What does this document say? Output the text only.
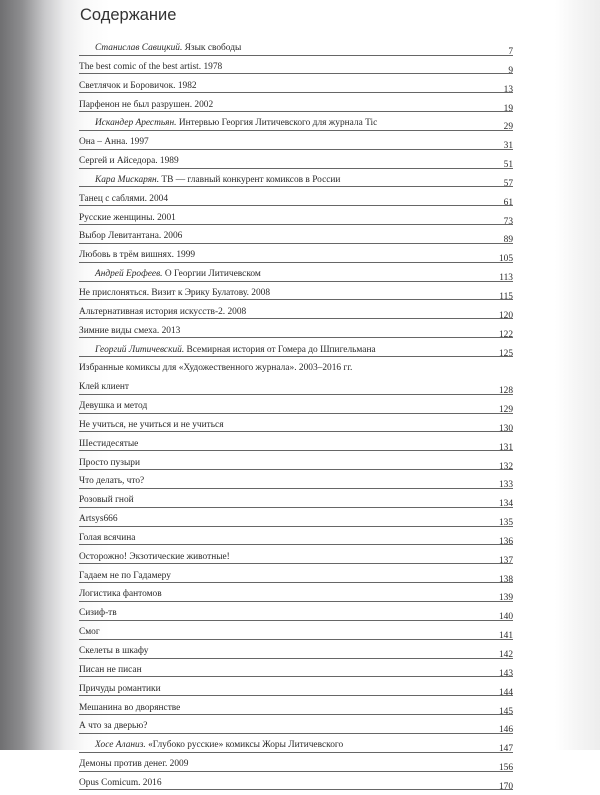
Содержание
Станислав Савицкий. Язык свободы	7
The best comic of the best artist. 1978	9
Светлячок и Боровичок. 1982	13
Парфенон не был разрушен. 2002	19
Искандер Арестьян. Интервью Георгия Литичевского для журнала Tic	29
Она – Анна. 1997	31
Сергей и Айседора. 1989	51
Кара Мискарян. ТВ — главный конкурент комиксов в России	57
Танец с саблями. 2004	61
Русские женщины. 2001	73
Выбор Левитантана. 2006	89
Любовь в трём вишнях. 1999	105
Андрей Ерофеев. О Георгии Литичевском	113
Не прислоняться. Визит к Эрику Булатову. 2008	115
Альтернативная история искусств-2. 2008	120
Зимние виды смеха. 2013	122
Георгий Литичевский. Всемирная история от Гомера до Шпигельмана	125
Избранные комиксы для «Художественного журнала». 2003–2016 гг.
Клей клиент	128
Девушка и метод	129
Не учиться, не учиться и не учиться	130
Шестидесятые	131
Просто пузыри	132
Что делать, что?	133
Розовый гной	134
Artsys666	135
Голая всячина	136
Осторожно! Экзотические животные!	137
Гадаем не по Гадамеру	138
Логистика фантомов	139
Сизиф-тв	140
Смог	141
Скелеты в шкафу	142
Писан не писан	143
Причуды романтики	144
Мешанина во дворянстве	145
А что за дверью?	146
Хосе Аланиз. «Глубоко русские» комиксы Жоры Литичевского	147
Демоны против денег. 2009	156
Opus Comicum. 2016	170
